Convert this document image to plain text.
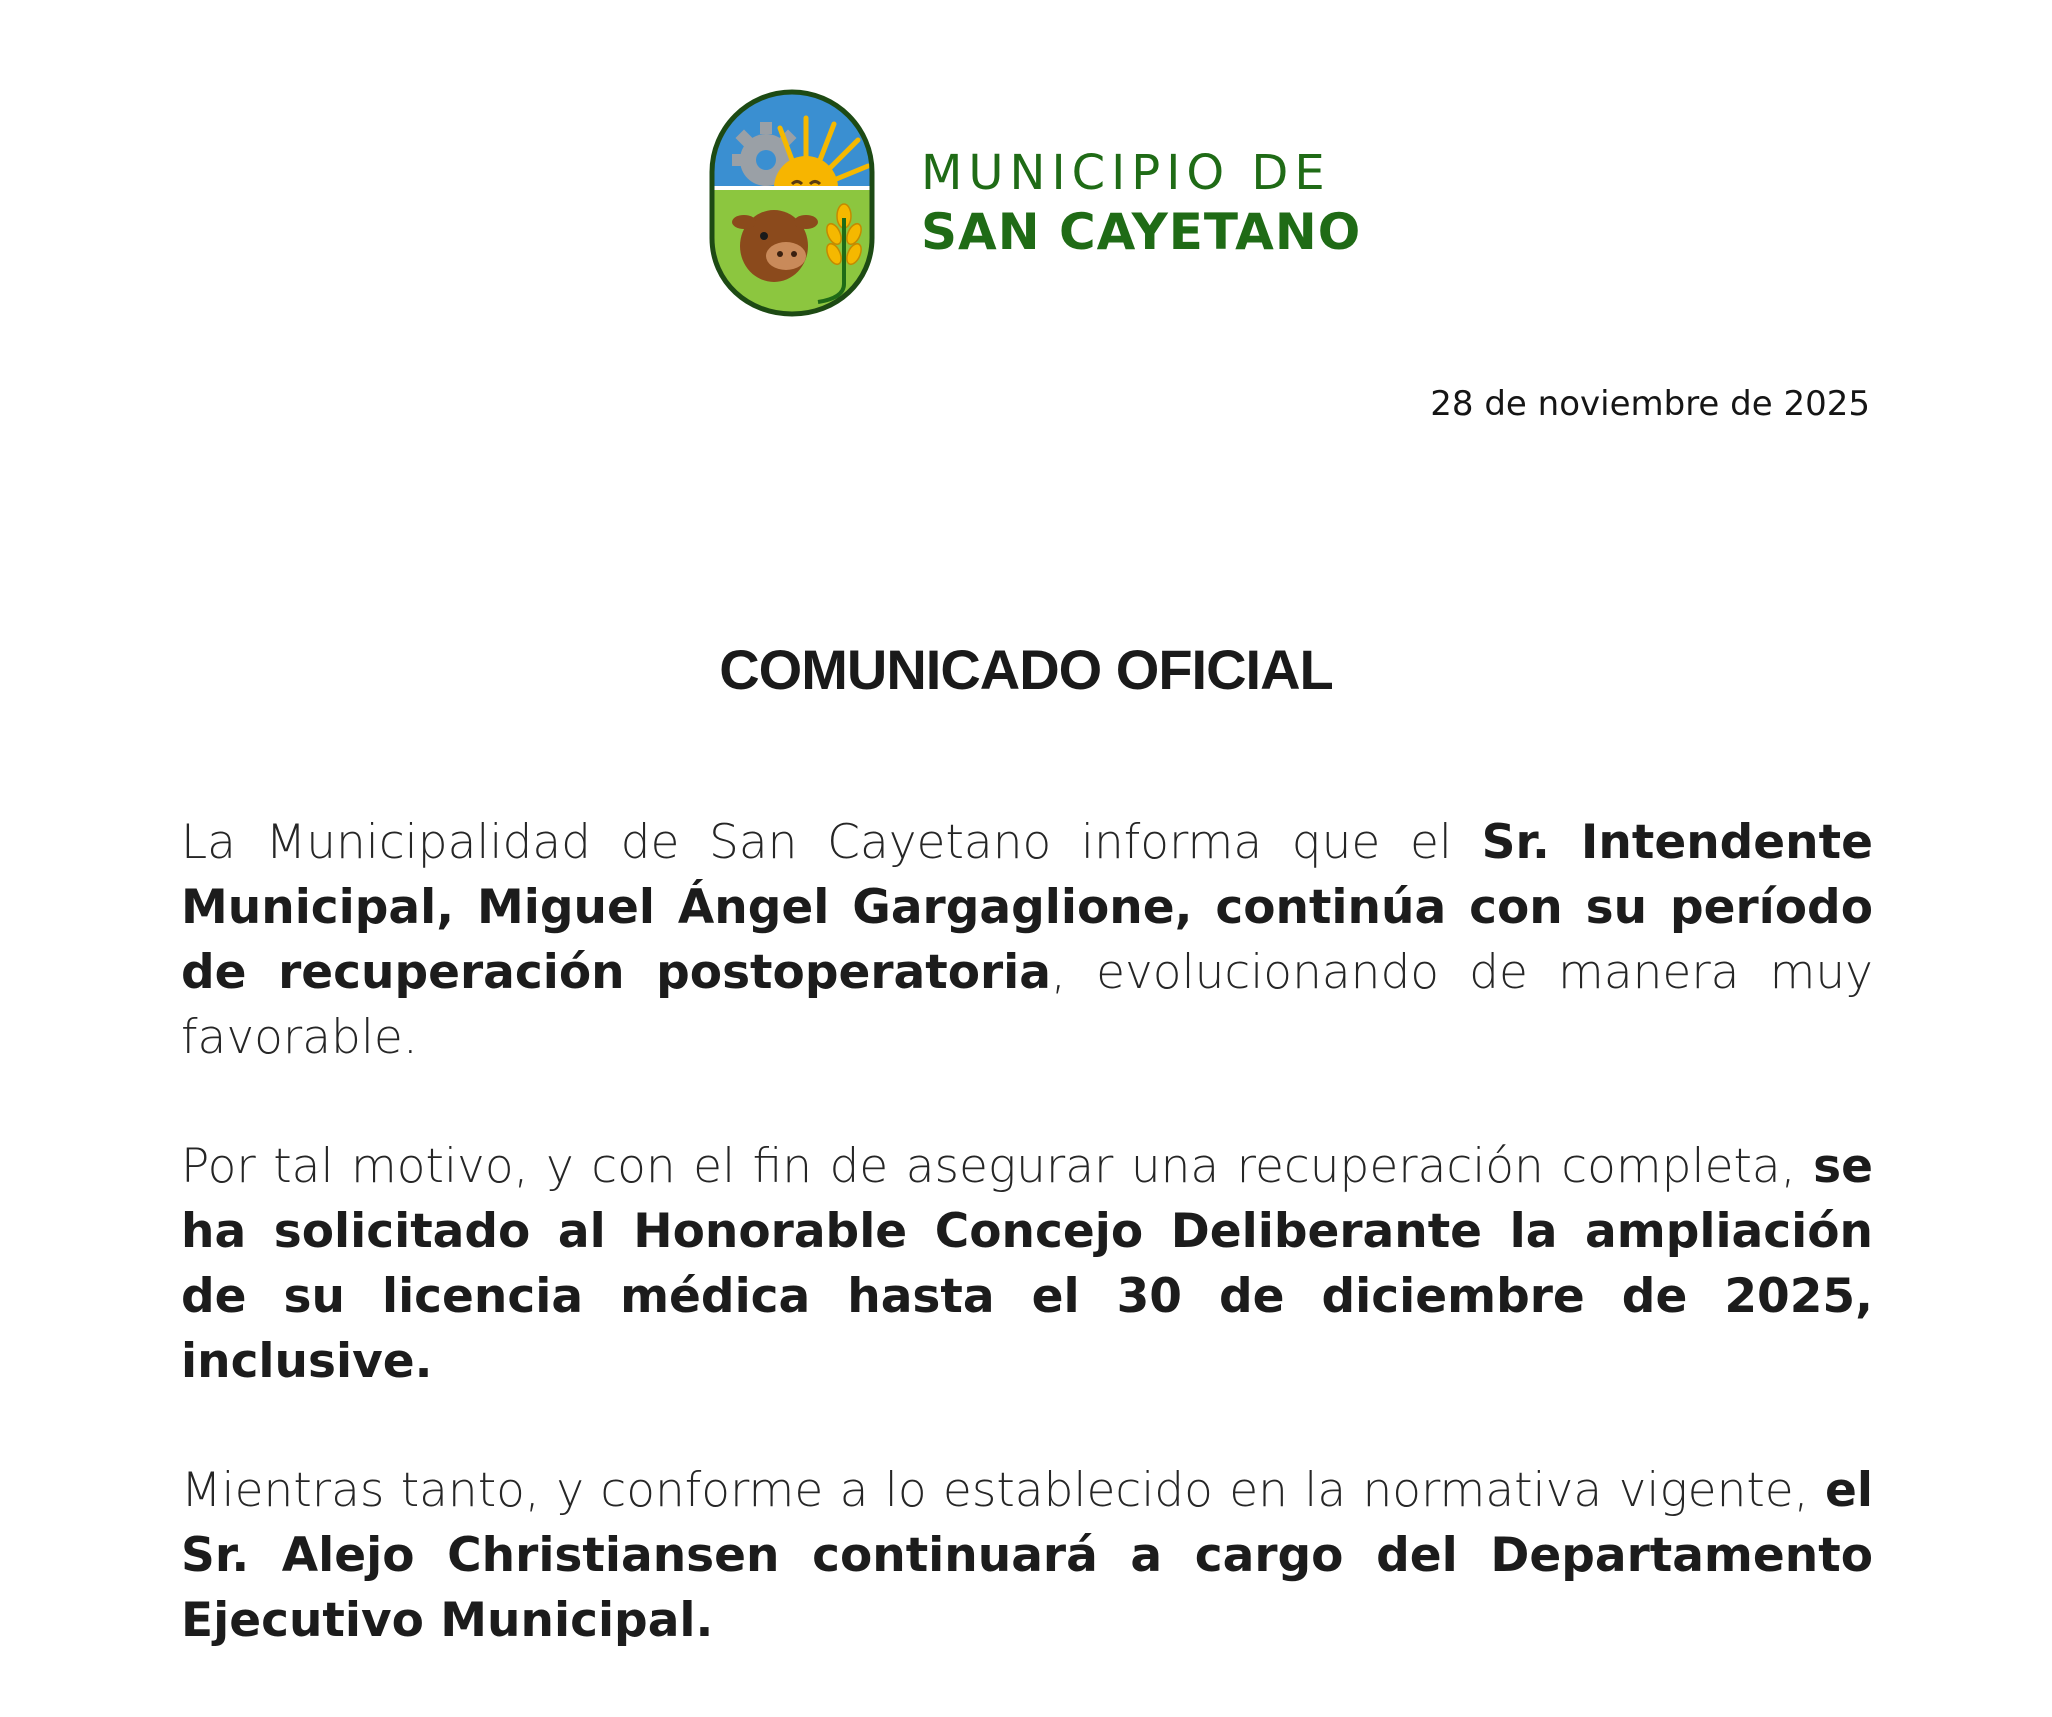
MUNICIPIO DE
SAN CAYETANO
28 de noviembre de 2025
COMUNICADO OFICIAL

La Municipalidad de San Cayetano informa que el Sr. Intendente Municipal, Miguel Ángel Gargaglione, continúa con su período de recuperación postoperatoria, evolucionando de manera muy favorable.

Por tal motivo, y con el fin de asegurar una recuperación completa, se ha solicitado al Honorable Concejo Deliberante la ampliación de su licencia médica hasta el 30 de diciembre de 2025, inclusive.

Mientras tanto, y conforme a lo establecido en la normativa vigente, el Sr. Alejo Christiansen continuará a cargo del Departamento Ejecutivo Municipal.
